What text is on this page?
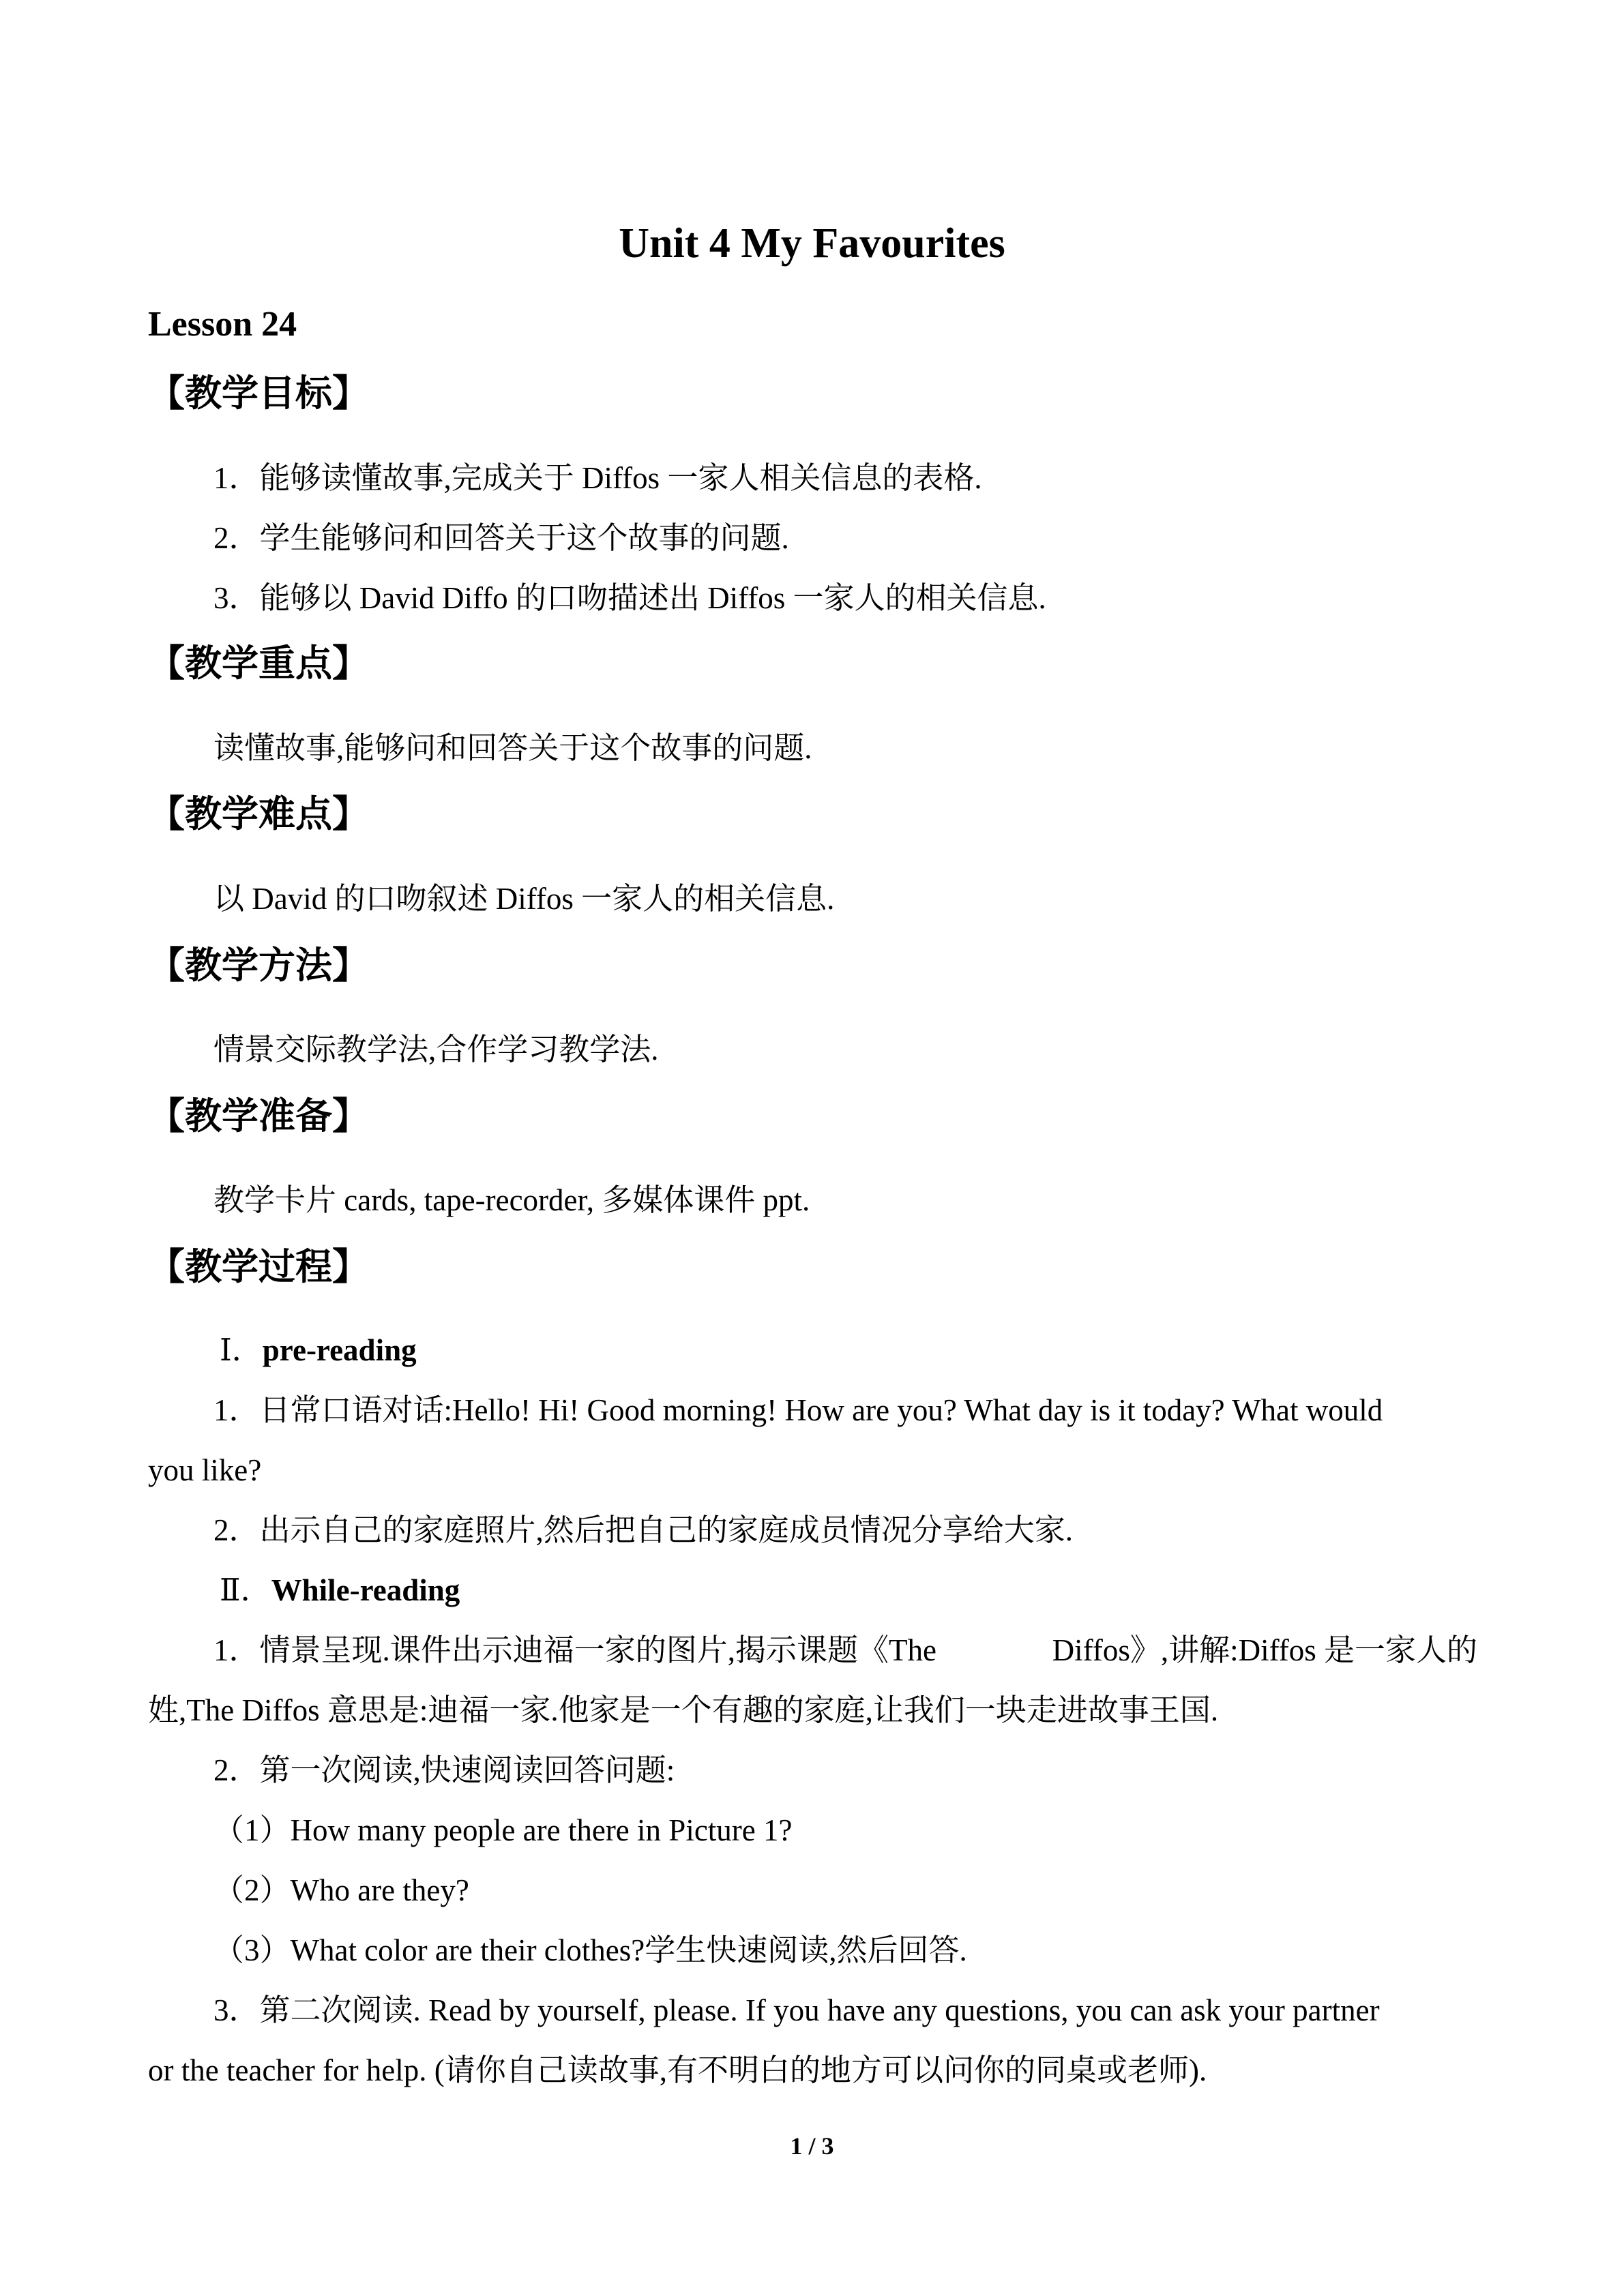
Unit 4 My Favourites
Lesson 24
【教学目标】
1．能够读懂故事,完成关于 Diffos 一家人相关信息的表格.
2．学生能够问和回答关于这个故事的问题.
3．能够以 David Diffo 的口吻描述出 Diffos 一家人的相关信息.
【教学重点】
读懂故事,能够问和回答关于这个故事的问题.
【教学难点】
以 David 的口吻叙述 Diffos 一家人的相关信息.
【教学方法】
情景交际教学法,合作学习教学法.
【教学准备】
教学卡片 cards, tape-recorder, 多媒体课件 ppt.
【教学过程】
Ⅰ．pre-reading
1．日常口语对话:Hello! Hi! Good morning! How are you? What day is it today? What would
you like?
2．出示自己的家庭照片,然后把自己的家庭成员情况分享给大家.
Ⅱ．While-reading
1．情景呈现.课件出示迪福一家的图片,揭示课题《The	Diffos》,讲解:Diffos 是一家人的
姓,The Diffos 意思是:迪福一家.他家是一个有趣的家庭,让我们一块走进故事王国.
2．第一次阅读,快速阅读回答问题:
（1）How many people are there in Picture 1?
（2）Who are they?
（3）What color are their clothes?学生快速阅读,然后回答.
3．第二次阅读. Read by yourself, please. If you have any questions, you can ask your partner
or the teacher for help. (请你自己读故事,有不明白的地方可以问你的同桌或老师).
1 / 3
